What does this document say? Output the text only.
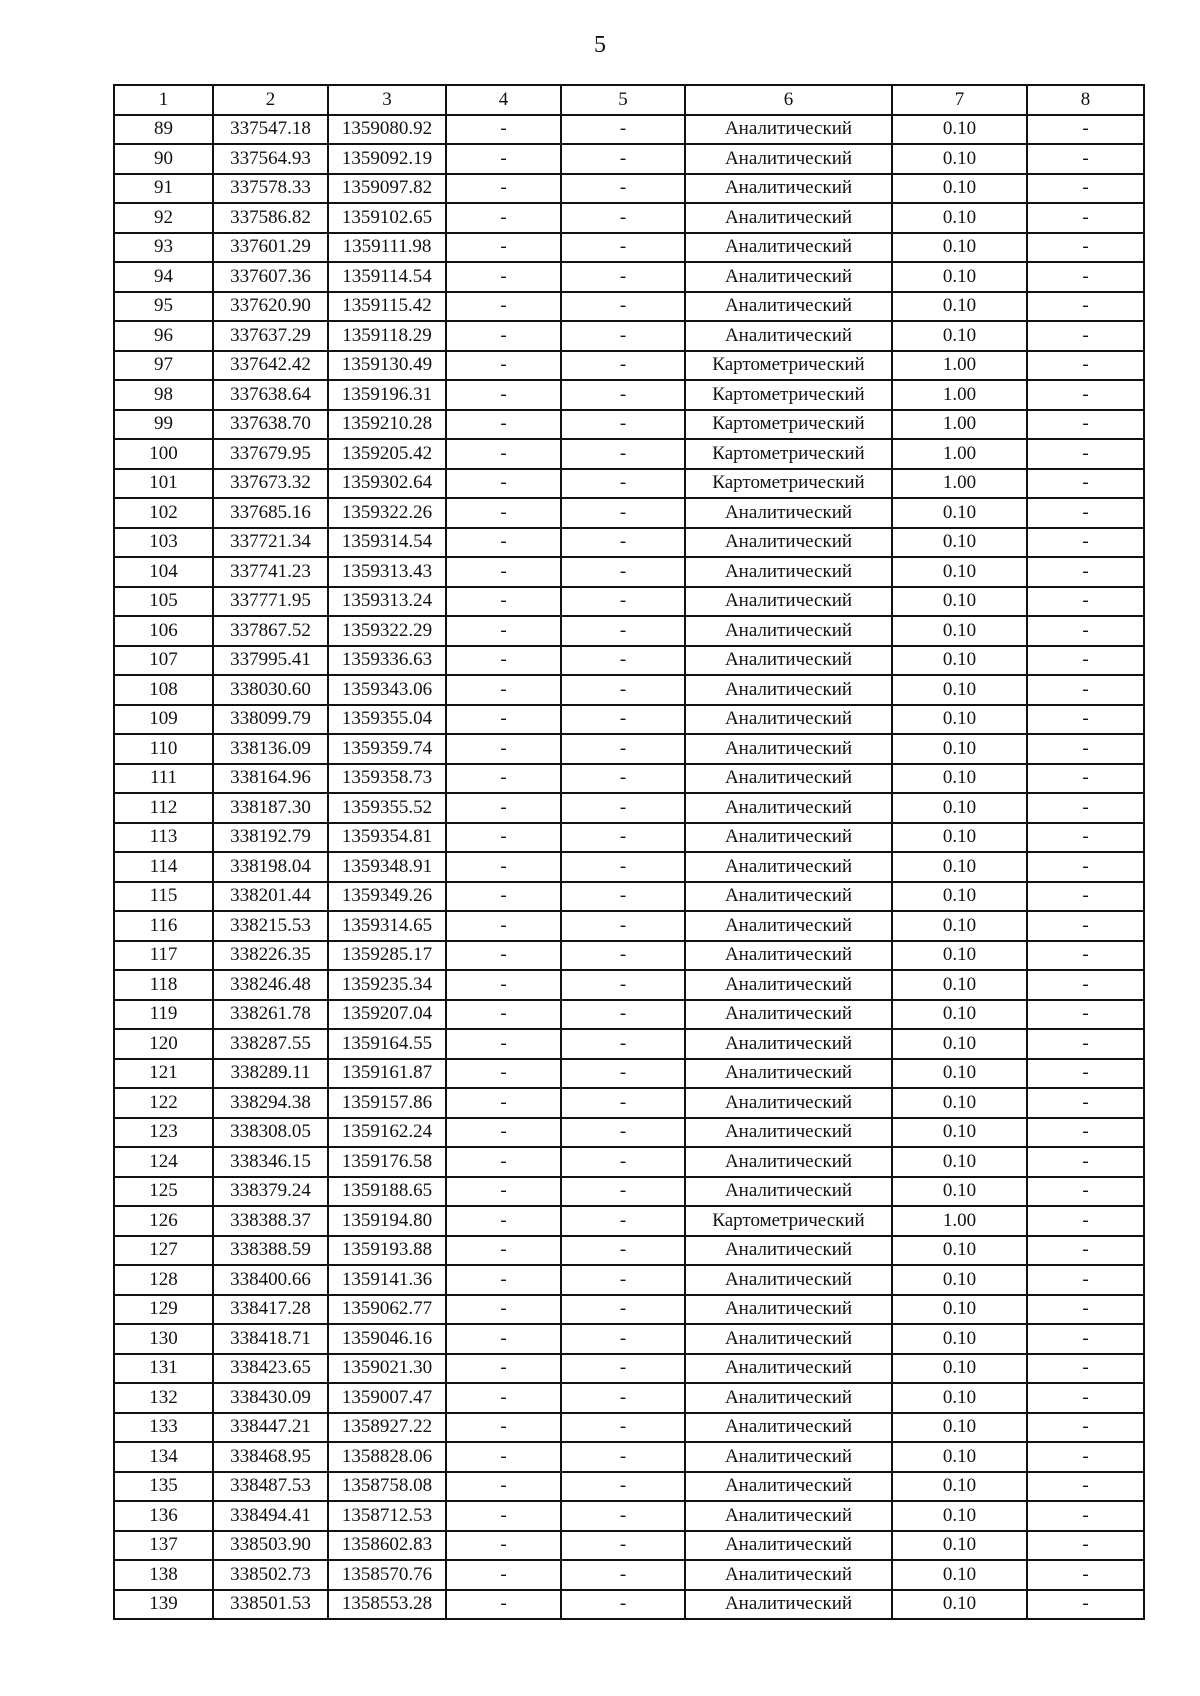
5
1	2	3	4	5	6	7	8
89	337547.18	1359080.92	-	-	Аналитический	0.10	-
90	337564.93	1359092.19	-	-	Аналитический	0.10	-
91	337578.33	1359097.82	-	-	Аналитический	0.10	-
92	337586.82	1359102.65	-	-	Аналитический	0.10	-
93	337601.29	1359111.98	-	-	Аналитический	0.10	-
94	337607.36	1359114.54	-	-	Аналитический	0.10	-
95	337620.90	1359115.42	-	-	Аналитический	0.10	-
96	337637.29	1359118.29	-	-	Аналитический	0.10	-
97	337642.42	1359130.49	-	-	Картометрический	1.00	-
98	337638.64	1359196.31	-	-	Картометрический	1.00	-
99	337638.70	1359210.28	-	-	Картометрический	1.00	-
100	337679.95	1359205.42	-	-	Картометрический	1.00	-
101	337673.32	1359302.64	-	-	Картометрический	1.00	-
102	337685.16	1359322.26	-	-	Аналитический	0.10	-
103	337721.34	1359314.54	-	-	Аналитический	0.10	-
104	337741.23	1359313.43	-	-	Аналитический	0.10	-
105	337771.95	1359313.24	-	-	Аналитический	0.10	-
106	337867.52	1359322.29	-	-	Аналитический	0.10	-
107	337995.41	1359336.63	-	-	Аналитический	0.10	-
108	338030.60	1359343.06	-	-	Аналитический	0.10	-
109	338099.79	1359355.04	-	-	Аналитический	0.10	-
110	338136.09	1359359.74	-	-	Аналитический	0.10	-
111	338164.96	1359358.73	-	-	Аналитический	0.10	-
112	338187.30	1359355.52	-	-	Аналитический	0.10	-
113	338192.79	1359354.81	-	-	Аналитический	0.10	-
114	338198.04	1359348.91	-	-	Аналитический	0.10	-
115	338201.44	1359349.26	-	-	Аналитический	0.10	-
116	338215.53	1359314.65	-	-	Аналитический	0.10	-
117	338226.35	1359285.17	-	-	Аналитический	0.10	-
118	338246.48	1359235.34	-	-	Аналитический	0.10	-
119	338261.78	1359207.04	-	-	Аналитический	0.10	-
120	338287.55	1359164.55	-	-	Аналитический	0.10	-
121	338289.11	1359161.87	-	-	Аналитический	0.10	-
122	338294.38	1359157.86	-	-	Аналитический	0.10	-
123	338308.05	1359162.24	-	-	Аналитический	0.10	-
124	338346.15	1359176.58	-	-	Аналитический	0.10	-
125	338379.24	1359188.65	-	-	Аналитический	0.10	-
126	338388.37	1359194.80	-	-	Картометрический	1.00	-
127	338388.59	1359193.88	-	-	Аналитический	0.10	-
128	338400.66	1359141.36	-	-	Аналитический	0.10	-
129	338417.28	1359062.77	-	-	Аналитический	0.10	-
130	338418.71	1359046.16	-	-	Аналитический	0.10	-
131	338423.65	1359021.30	-	-	Аналитический	0.10	-
132	338430.09	1359007.47	-	-	Аналитический	0.10	-
133	338447.21	1358927.22	-	-	Аналитический	0.10	-
134	338468.95	1358828.06	-	-	Аналитический	0.10	-
135	338487.53	1358758.08	-	-	Аналитический	0.10	-
136	338494.41	1358712.53	-	-	Аналитический	0.10	-
137	338503.90	1358602.83	-	-	Аналитический	0.10	-
138	338502.73	1358570.76	-	-	Аналитический	0.10	-
139	338501.53	1358553.28	-	-	Аналитический	0.10	-
